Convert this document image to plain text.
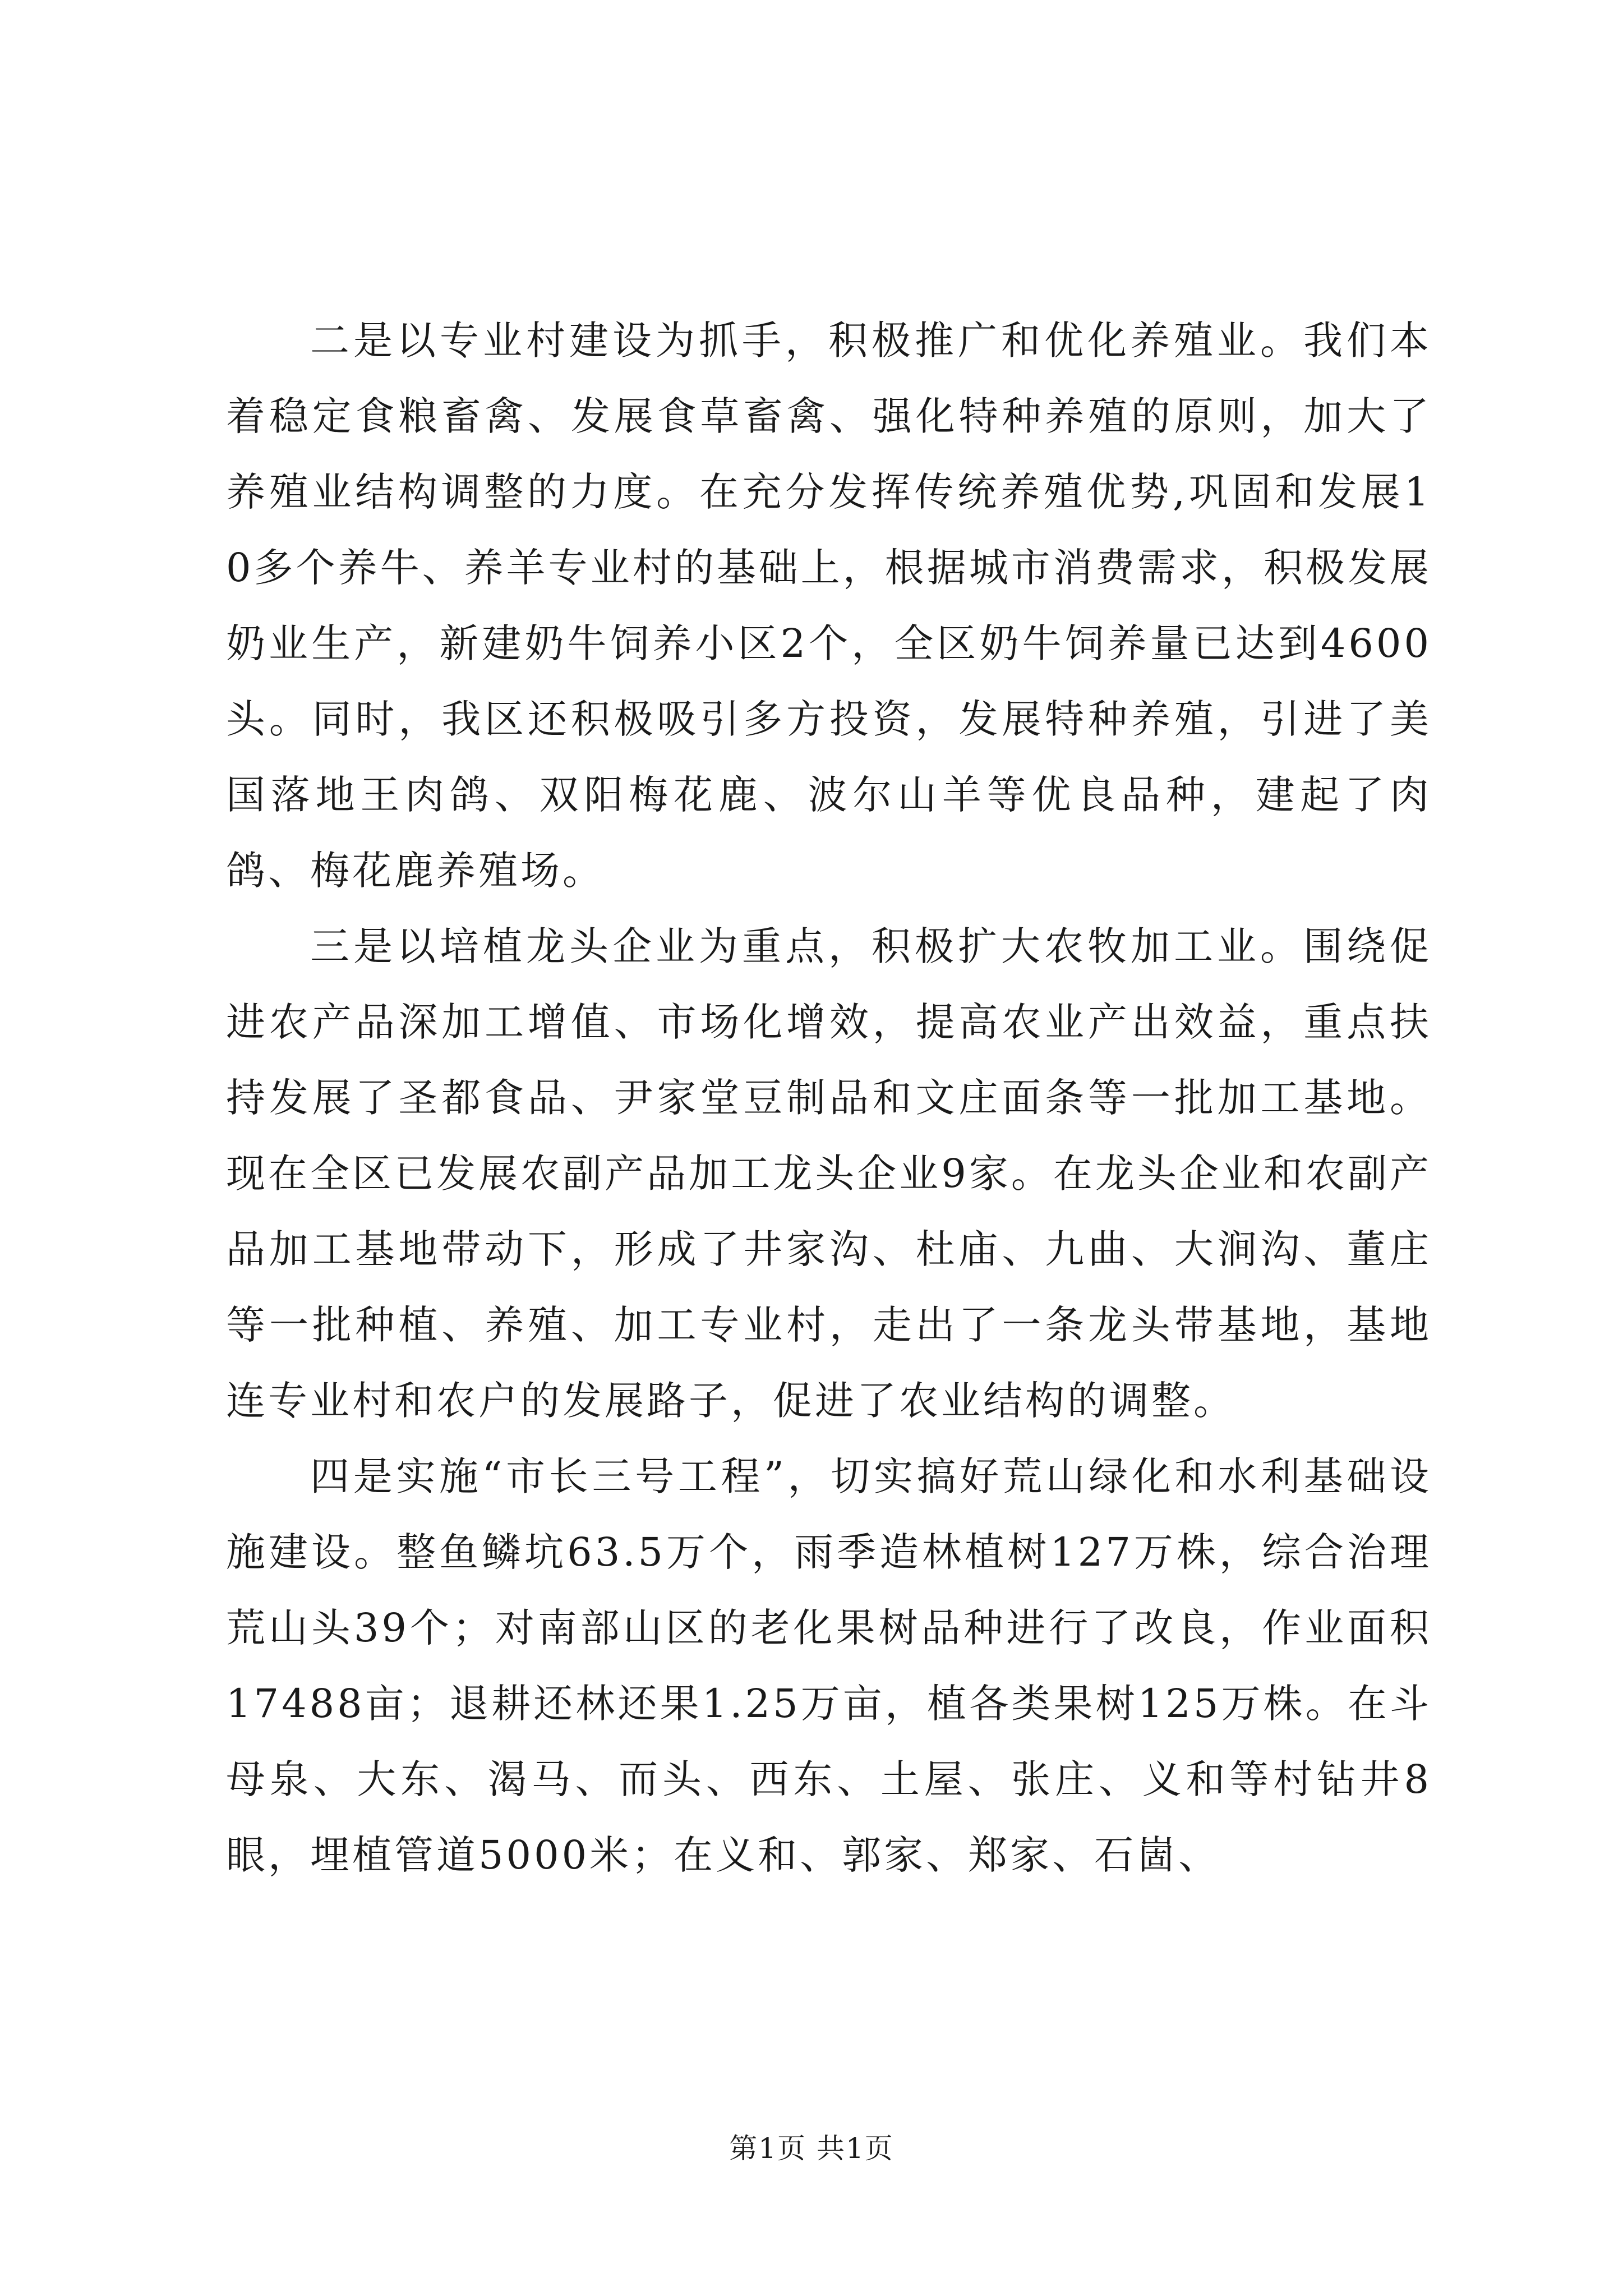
二是以专业村建设为抓手，积极推广和优化养殖业。我们本着稳定食粮畜禽、发展食草畜禽、强化特种养殖的原则，加大了养殖业结构调整的力度。在充分发挥传统养殖优势,巩固和发展10多个养牛、养羊专业村的基础上，根据城市消费需求，积极发展奶业生产，新建奶牛饲养小区2个，全区奶牛饲养量已达到4600头。同时，我区还积极吸引多方投资，发展特种养殖，引进了美国落地王肉鸽、双阳梅花鹿、波尔山羊等优良品种，建起了肉鸽、梅花鹿养殖场。

三是以培植龙头企业为重点，积极扩大农牧加工业。围绕促进农产品深加工增值、市场化增效，提高农业产出效益，重点扶持发展了圣都食品、尹家堂豆制品和文庄面条等一批加工基地。现在全区已发展农副产品加工龙头企业9家。在龙头企业和农副产品加工基地带动下，形成了井家沟、杜庙、九曲、大涧沟、董庄等一批种植、养殖、加工专业村，走出了一条龙头带基地，基地连专业村和农户的发展路子，促进了农业结构的调整。

四是实施“市长三号工程”，切实搞好荒山绿化和水利基础设施建设。整鱼鳞坑63.5万个，雨季造林植树127万株，综合治理荒山头39个；对南部山区的老化果树品种进行了改良，作业面积17488亩；退耕还林还果1.25万亩，植各类果树125万株。在斗母泉、大东、渴马、而头、西东、土屋、张庄、义和等村钻井8眼，埋植管道5000米；在义和、郭家、郑家、石崮、

第1页 共1页
